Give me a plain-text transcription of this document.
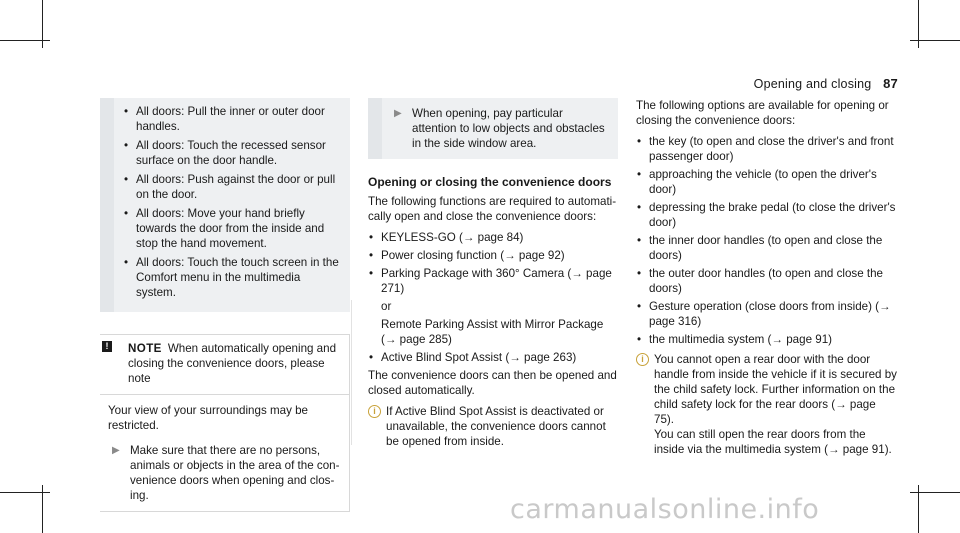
Opening and closing 87
• All doors: Pull the inner or outer door handles.
• All doors: Touch the recessed sensor surface on the door handle.
• All doors: Push against the door or pull on the door.
• All doors: Move your hand briefly towards the door from the inside and stop the hand movement.
• All doors: Touch the touch screen in the Comfort menu in the multimedia system.
!	NOTE When automatically opening and closing the convenience doors, please note

Your view of your surroundings may be restricted.

▶ Make sure that there are no persons, animals or objects in the area of the convenience doors when opening and closing.
▶ When opening, pay particular attention to low objects and obstacles in the side window area.
Opening or closing the convenience doors

The following functions are required to automatically open and close the convenience doors:

• KEYLESS-GO (→ page 84)
• Power closing function (→ page 92)
• Parking Package with 360° Camera (→ page 271)
or
Remote Parking Assist with Mirror Package (→ page 285)
• Active Blind Spot Assist (→ page 263)

The convenience doors can then be opened and closed automatically.

i If Active Blind Spot Assist is deactivated or unavailable, the convenience doors cannot be opened from inside.

The following options are available for opening or closing the convenience doors:

• the key (to open and close the driver's and front passenger door)
• approaching the vehicle (to open the driver's door)
• depressing the brake pedal (to close the driver's door)
• the inner door handles (to open and close the doors)
• the outer door handles (to open and close the doors)
• Gesture operation (close doors from inside) (→ page 316)
• the multimedia system (→ page 91)
i You cannot open a rear door with the door handle from inside the vehicle if it is secured by the child safety lock. Further information on the child safety lock for the rear doors (→ page 75).
You can still open the rear doors from the inside via the multimedia system (→ page 91).
carmanualsonline.info
